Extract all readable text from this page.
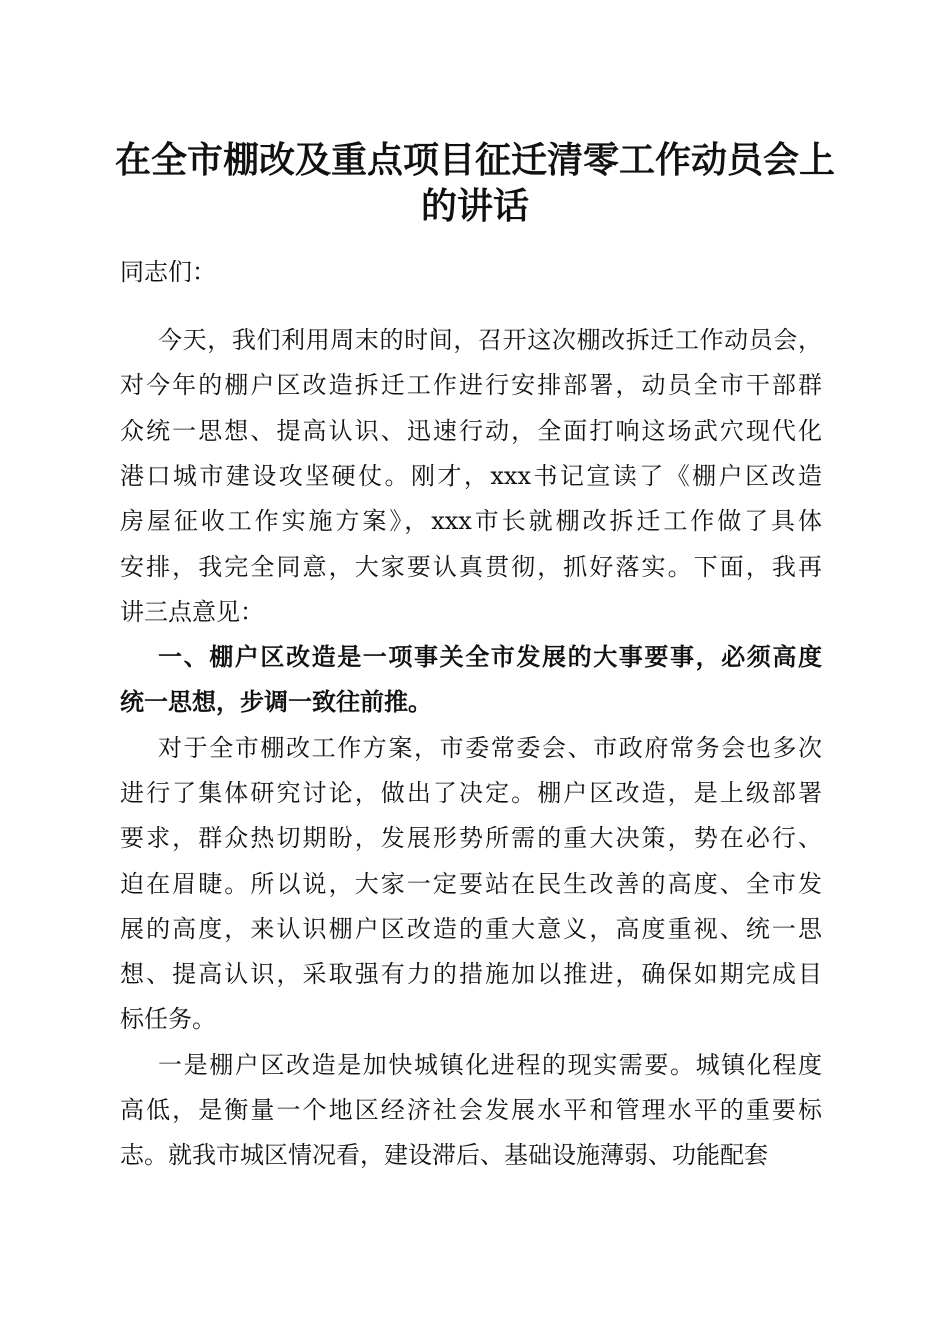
在全市棚改及重点项目征迁清零工作动员会上
的讲话
同志们：
今天，我们利用周末的时间，召开这次棚改拆迁工作动员会，
对今年的棚户区改造拆迁工作进行安排部署，动员全市干部群
众统一思想、提高认识、迅速行动，全面打响这场武穴现代化
港口城市建设攻坚硬仗。刚才，xxx书记宣读了《棚户区改造
房屋征收工作实施方案》，xxx市长就棚改拆迁工作做了具体
安排，我完全同意，大家要认真贯彻，抓好落实。下面，我再
讲三点意见：
一、棚户区改造是一项事关全市发展的大事要事，必须高度
统一思想，步调一致往前推。
对于全市棚改工作方案，市委常委会、市政府常务会也多次
进行了集体研究讨论，做出了决定。棚户区改造，是上级部署
要求，群众热切期盼，发展形势所需的重大决策，势在必行、
迫在眉睫。所以说，大家一定要站在民生改善的高度、全市发
展的高度，来认识棚户区改造的重大意义，高度重视、统一思
想、提高认识，采取强有力的措施加以推进，确保如期完成目
标任务。
一是棚户区改造是加快城镇化进程的现实需要。城镇化程度
高低，是衡量一个地区经济社会发展水平和管理水平的重要标
志。就我市城区情况看，建设滞后、基础设施薄弱、功能配套
